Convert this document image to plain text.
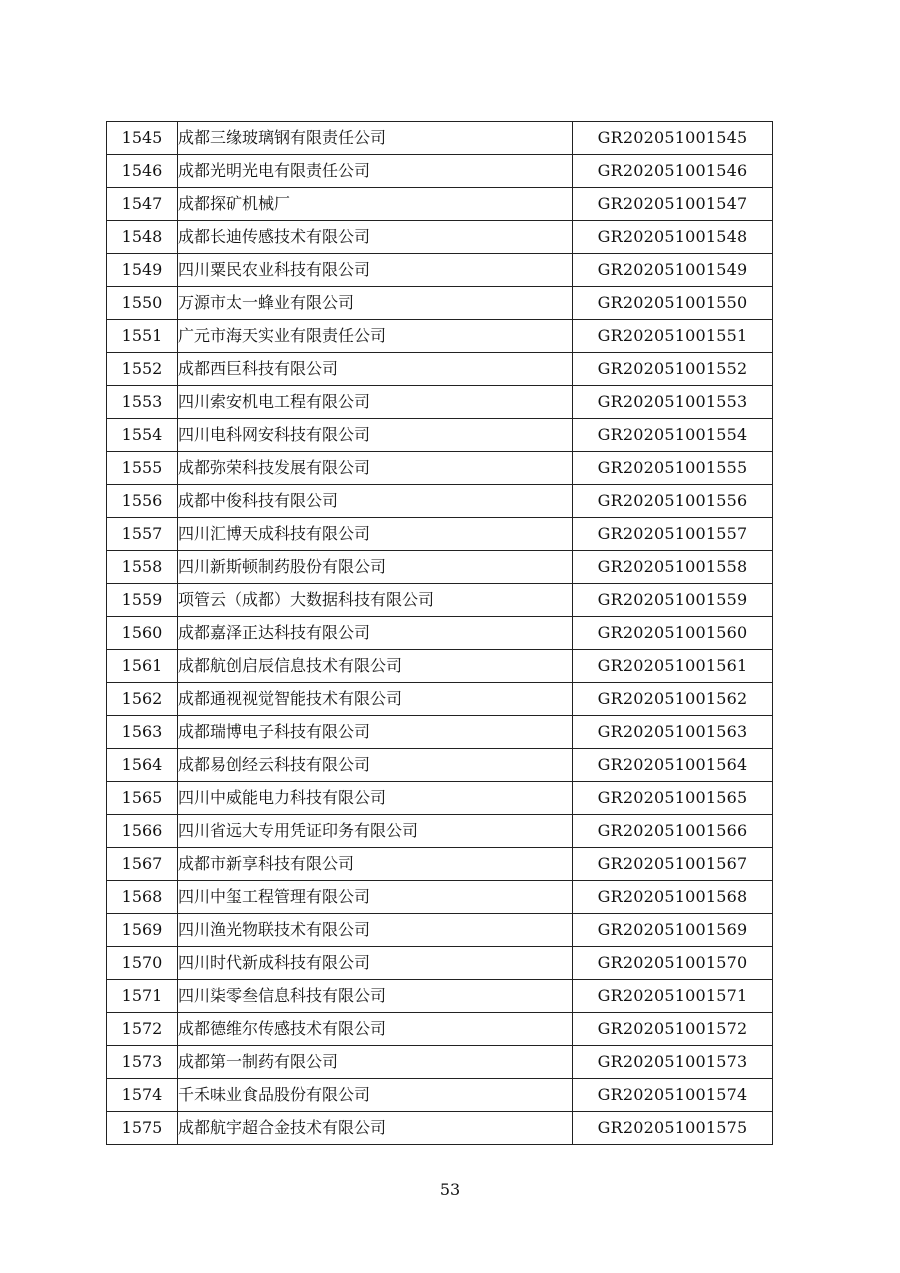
1545	成都三缘玻璃钢有限责任公司	GR202051001545
1546	成都光明光电有限责任公司	GR202051001546
1547	成都探矿机械厂	GR202051001547
1548	成都长迪传感技术有限公司	GR202051001548
1549	四川粟民农业科技有限公司	GR202051001549
1550	万源市太一蜂业有限公司	GR202051001550
1551	广元市海天实业有限责任公司	GR202051001551
1552	成都西巨科技有限公司	GR202051001552
1553	四川索安机电工程有限公司	GR202051001553
1554	四川电科网安科技有限公司	GR202051001554
1555	成都弥荣科技发展有限公司	GR202051001555
1556	成都中俊科技有限公司	GR202051001556
1557	四川汇博天成科技有限公司	GR202051001557
1558	四川新斯顿制药股份有限公司	GR202051001558
1559	项管云（成都）大数据科技有限公司	GR202051001559
1560	成都嘉泽正达科技有限公司	GR202051001560
1561	成都航创启辰信息技术有限公司	GR202051001561
1562	成都通视视觉智能技术有限公司	GR202051001562
1563	成都瑞博电子科技有限公司	GR202051001563
1564	成都易创经云科技有限公司	GR202051001564
1565	四川中威能电力科技有限公司	GR202051001565
1566	四川省远大专用凭证印务有限公司	GR202051001566
1567	成都市新享科技有限公司	GR202051001567
1568	四川中玺工程管理有限公司	GR202051001568
1569	四川渔光物联技术有限公司	GR202051001569
1570	四川时代新成科技有限公司	GR202051001570
1571	四川柒零叁信息科技有限公司	GR202051001571
1572	成都德维尔传感技术有限公司	GR202051001572
1573	成都第一制药有限公司	GR202051001573
1574	千禾味业食品股份有限公司	GR202051001574
1575	成都航宇超合金技术有限公司	GR202051001575
53
